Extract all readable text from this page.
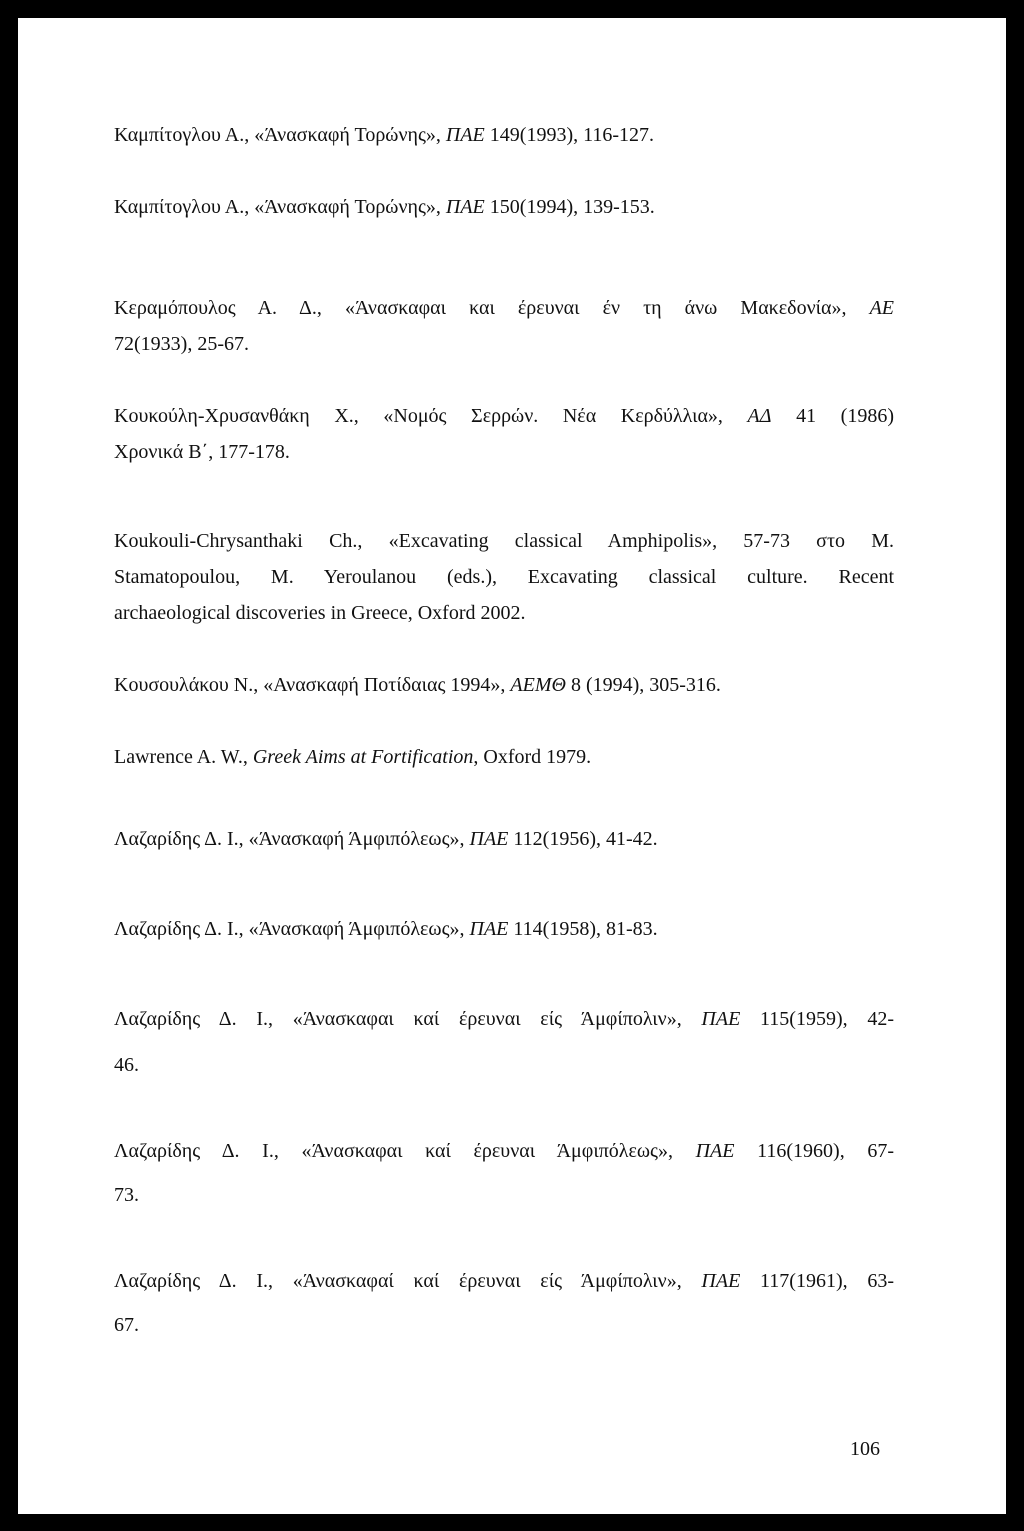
Καμπίτογλου Α., «Άνασκαφή Τορώνης», ΠΑΕ 149(1993), 116-127.
Καμπίτογλου Α., «Άνασκαφή Τορώνης», ΠΑΕ 150(1994), 139-153.
Κεραμόπουλος Α. Δ., «Άνασκαφαι και έρευναι έν τη άνω Μακεδονία», ΑΕ
72(1933), 25-67.
Κουκούλη-Χρυσανθάκη Χ., «Νομός Σερρών. Νέα Κερδύλλια», ΑΔ 41 (1986)
Χρονικά Β΄, 177-178.
Koukouli-Chrysanthaki Ch., «Excavating classical Amphipolis», 57-73 στο M.
Stamatopoulou, M. Yeroulanou (eds.), Excavating classical culture. Recent
archaeological discoveries in Greece, Oxford 2002.
Κουσουλάκου Ν., «Ανασκαφή Ποτίδαιας 1994», ΑΕΜΘ 8 (1994), 305-316.
Lawrence A. W., Greek Aims at Fortification, Oxford 1979.
Λαζαρίδης Δ. Ι., «Άνασκαφή Άμφιπόλεως», ΠΑΕ 112(1956), 41-42.
Λαζαρίδης Δ. Ι., «Άνασκαφή Άμφιπόλεως», ΠΑΕ 114(1958), 81-83.
Λαζαρίδης Δ. Ι., «Άνασκαφαι καί έρευναι είς Άμφίπολιν», ΠΑΕ 115(1959), 42-
46.
Λαζαρίδης Δ. Ι., «Άνασκαφαι καί έρευναι Άμφιπόλεως», ΠΑΕ 116(1960), 67-
73.
Λαζαρίδης Δ. Ι., «Άνασκαφαί καί έρευναι είς Άμφίπολιν», ΠΑΕ 117(1961), 63-
67.
106
